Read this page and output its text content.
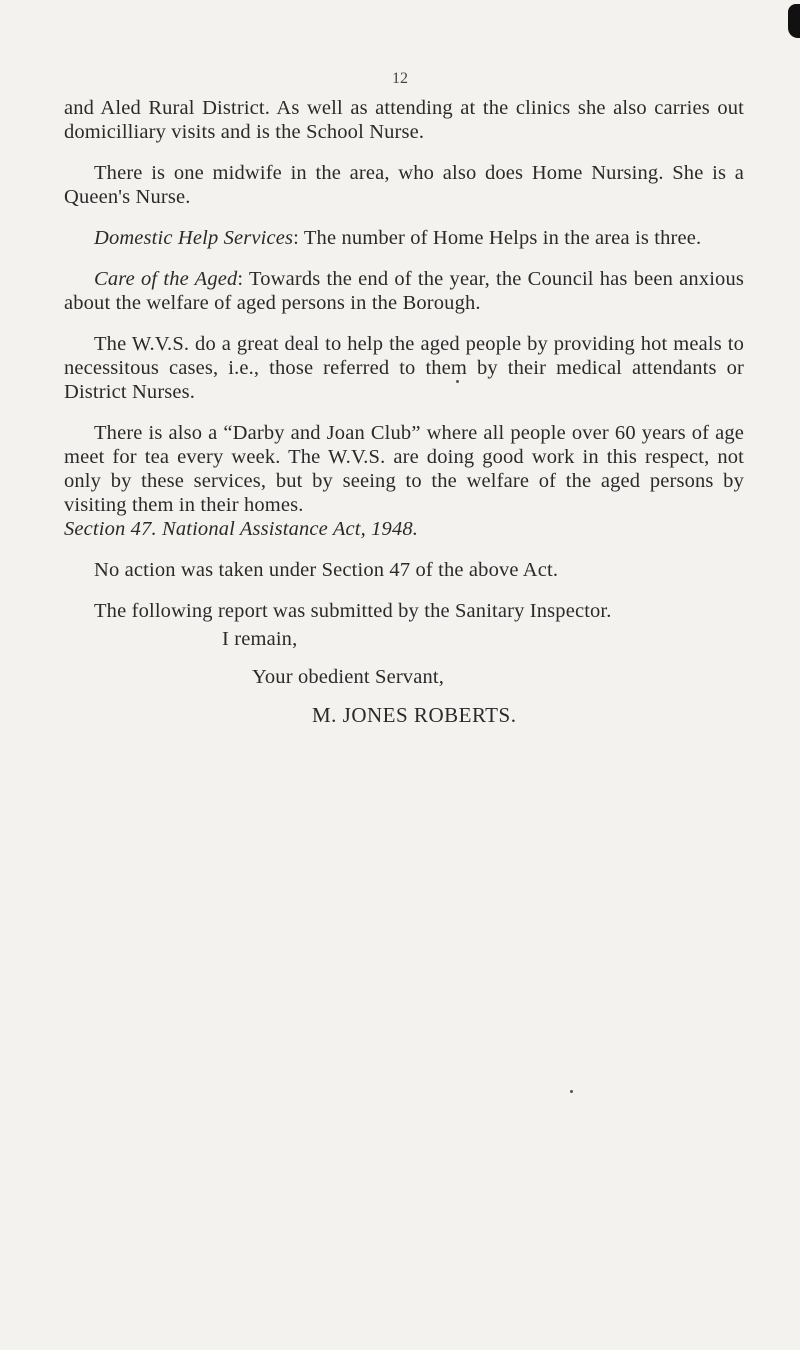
12

and Aled Rural District. As well as attending at the clinics she also carries out domicilliary visits and is the School Nurse.

There is one midwife in the area, who also does Home Nursing. She is a Queen's Nurse.

Domestic Help Services: The number of Home Helps in the area is three.

Care of the Aged: Towards the end of the year, the Council has been anxious about the welfare of aged persons in the Borough.

The W.V.S. do a great deal to help the aged people by providing hot meals to necessitous cases, i.e., those referred to them by their medical attendants or District Nurses.

There is also a “Darby and Joan Club” where all people over 60 years of age meet for tea every week. The W.V.S. are doing good work in this respect, not only by these services, but by seeing to the welfare of the aged persons by visiting them in their homes.
Section 47. National Assistance Act, 1948.

No action was taken under Section 47 of the above Act.

The following report was submitted by the Sanitary Inspector.

I remain,

Your obedient Servant,

M. JONES ROBERTS.
